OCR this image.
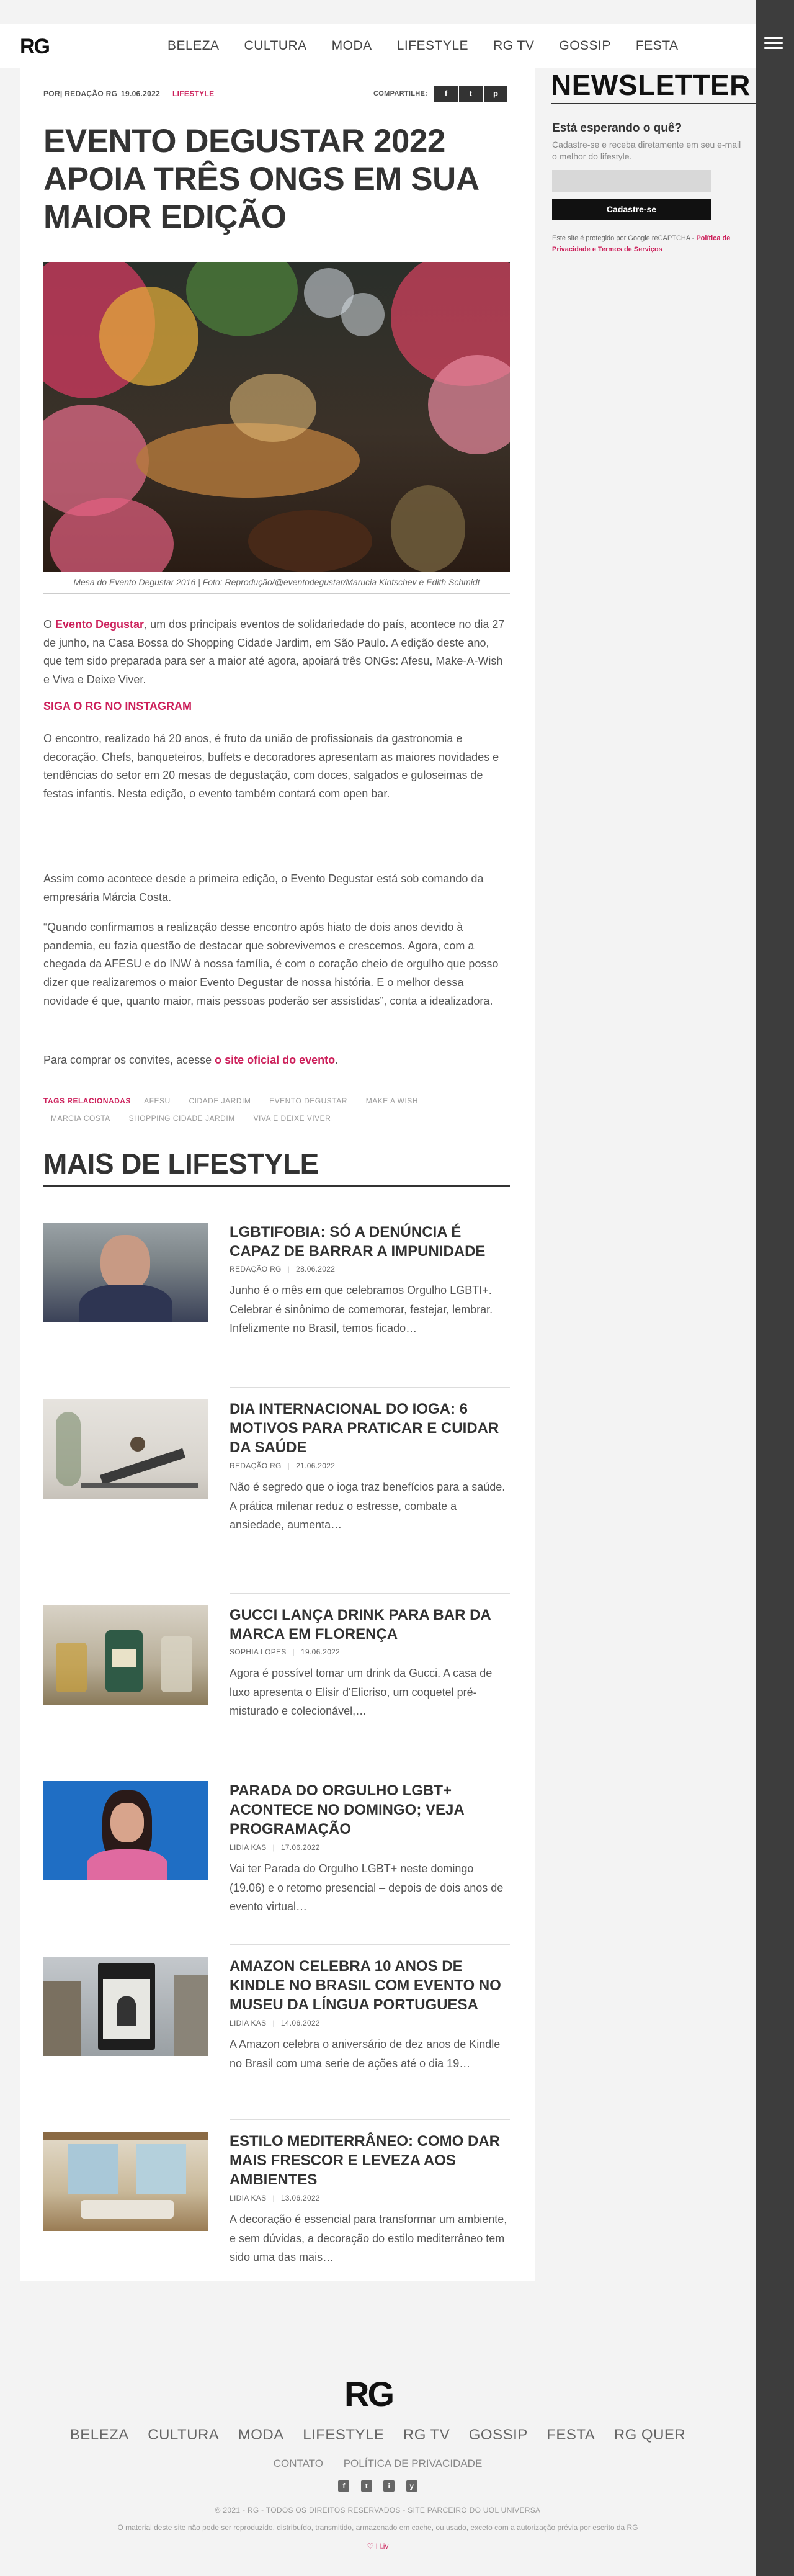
RG	BELEZA CULTURA MODA LIFESTYLE RG TV GOSSIP FESTA
POR| REDAÇÃO RG 19.06.2022 LIFESTYLE	COMPARTILHE:	f	t	p
EVENTO DEGUSTAR 2022 APOIA TRÊS ONGS EM SUA MAIOR EDIÇÃO

Mesa do Evento Degustar 2016 | Foto: Reprodução/@eventodegustar/Marucia Kintschev e Edith Schmidt

O Evento Degustar, um dos principais eventos de solidariedade do país, acontece no dia 27 de junho, na Casa Bossa do Shopping Cidade Jardim, em São Paulo. A edição deste ano, que tem sido preparada para ser a maior até agora, apoiará três ONGs: Afesu, Make-A-Wish e Viva e Deixe Viver.

SIGA O RG NO INSTAGRAM

O encontro, realizado há 20 anos, é fruto da união de profissionais da gastronomia e decoração. Chefs, banqueteiros, buffets e decoradores apresentam as maiores novidades e tendências do setor em 20 mesas de degustação, com doces, salgados e guloseimas de festas infantis. Nesta edição, o evento também contará com open bar.

Assim como acontece desde a primeira edição, o Evento Degustar está sob comando da empresária Márcia Costa.

“Quando confirmamos a realização desse encontro após hiato de dois anos devido à pandemia, eu fazia questão de destacar que sobrevivemos e crescemos. Agora, com a chegada da AFESU e do INW à nossa família, é com o coração cheio de orgulho que posso dizer que realizaremos o maior Evento Degustar de nossa história. E o melhor dessa novidade é que, quanto maior, mais pessoas poderão ser assistidas”, conta a idealizadora.

Para comprar os convites, acesse o site oficial do evento.

TAGS RELACIONADAS AFESU CIDADE JARDIM EVENTO DEGUSTAR MAKE A WISH
MARCIA COSTA SHOPPING CIDADE JARDIM VIVA E DEIXE VIVER
MAIS DE LIFESTYLE
LGBTIFOBIA: SÓ A DENÚNCIA É CAPAZ DE BARRAR A IMPUNIDADE
REDAÇÃO RG | 28.06.2022

Junho é o mês em que celebramos Orgulho LGBTI+. Celebrar é sinônimo de comemorar, festejar, lembrar. Infelizmente no Brasil, temos ficado…

DIA INTERNACIONAL DO IOGA: 6 MOTIVOS PARA PRATICAR E CUIDAR DA SAÚDE
REDAÇÃO RG | 21.06.2022

Não é segredo que o ioga traz benefícios para a saúde. A prática milenar reduz o estresse, combate a ansiedade, aumenta…

GUCCI LANÇA DRINK PARA BAR DA MARCA EM FLORENÇA
SOPHIA LOPES | 19.06.2022

Agora é possível tomar um drink da Gucci. A casa de luxo apresenta o Elisir d'Elicriso, um coquetel pré-misturado e colecionável,…

PARADA DO ORGULHO LGBT+ ACONTECE NO DOMINGO; VEJA PROGRAMAÇÃO
LIDIA KAS | 17.06.2022

Vai ter Parada do Orgulho LGBT+ neste domingo (19.06) e o retorno presencial – depois de dois anos de evento virtual…

AMAZON CELEBRA 10 ANOS DE KINDLE NO BRASIL COM EVENTO NO MUSEU DA LÍNGUA PORTUGUESA
LIDIA KAS | 14.06.2022

A Amazon celebra o aniversário de dez anos de Kindle no Brasil com uma serie de ações até o dia 19…

ESTILO MEDITERRÂNEO: COMO DAR MAIS FRESCOR E LEVEZA AOS AMBIENTES
LIDIA KAS | 13.06.2022

A decoração é essencial para transformar um ambiente, e sem dúvidas, a decoração do estilo mediterrâneo tem sido uma das mais…

NEWSLETTER

Está esperando o quê?

Cadastre-se e receba diretamente em seu e-mail o melhor do lifestyle.

Cadastre-se

Este site é protegido por Google reCAPTCHA - Política de Privacidade e Termos de Serviços

RG
BELEZA CULTURA MODA LIFESTYLE RG TV GOSSIP FESTA RG QUER
CONTATO POLÍTICA DE PRIVACIDADE
f	t	i	y

© 2021 - RG - TODOS OS DIREITOS RESERVADOS - SITE PARCEIRO DO UOL UNIVERSA

O material deste site não pode ser reproduzido, distribuído, transmitido, armazenado em cache, ou usado, exceto com a autorização prévia por escrito da RG

♡ H.iv
